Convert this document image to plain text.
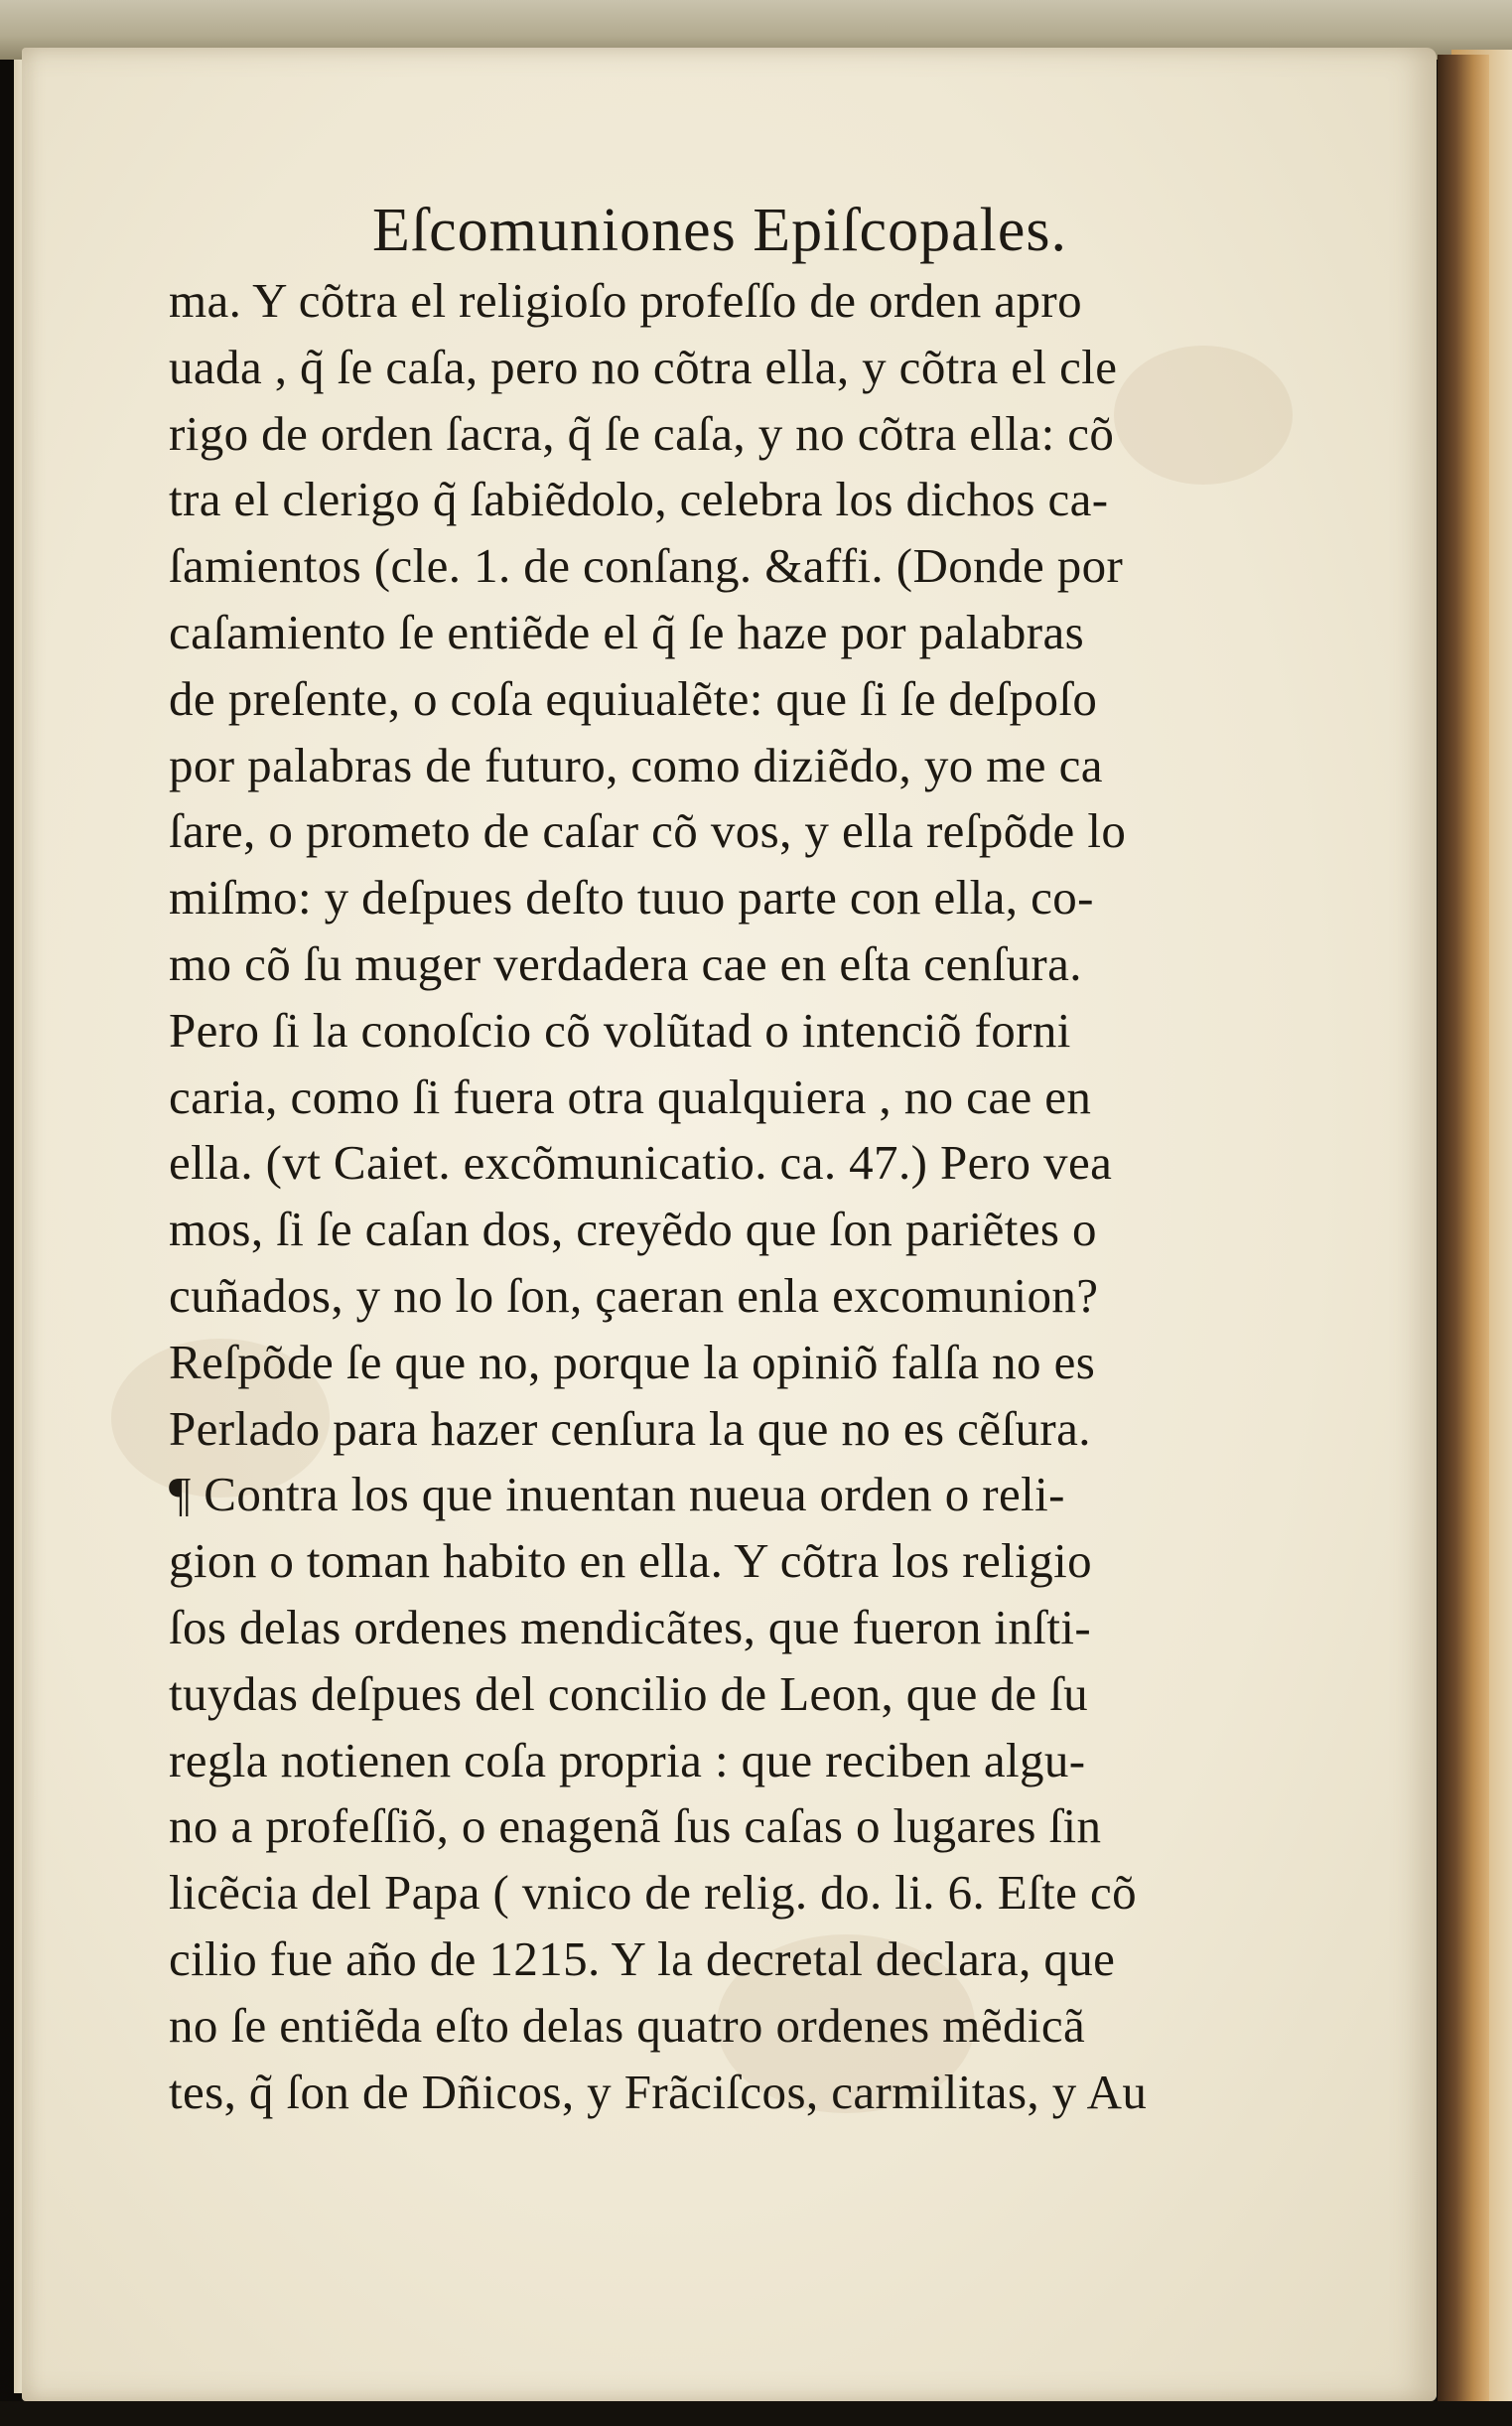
Eſcomuniones Epiſcopales.
ma. Y cõtra el religioſo profeſſo de orden apro
uada , q̃ ſe caſa, pero no cõtra ella, y cõtra el cle
rigo de orden ſacra, q̃ ſe caſa, y no cõtra ella: cõ
tra el clerigo q̃ ſabiẽdolo, celebra los dichos ca-
ſamientos (cle. 1. de conſang. &affi. (Donde por
caſamiento ſe entiẽde el q̃ ſe haze por palabras
de preſente, o coſa equiualẽte: que ſi ſe deſpoſo
por palabras de futuro, como diziẽdo, yo me ca
ſare, o prometo de caſar cõ vos, y ella reſpõde lo
miſmo: y deſpues deſto tuuo parte con ella, co-
mo cõ ſu muger verdadera cae en eſta cenſura.
Pero ſi la conoſcio cõ volũtad o intenciõ forni
caria, como ſi fuera otra qualquiera , no cae en
ella. (vt Caiet. excõmunicatio. ca. 47.) Pero vea
mos, ſi ſe caſan dos, creyẽdo que ſon pariẽtes o
cuñados, y no lo ſon, çaeran enla excomunion?
Reſpõde ſe que no, porque la opiniõ falſa no es
Perlado para hazer cenſura la que no es cẽſura.
¶ Contra los que inuentan nueua orden o reli-
gion o toman habito en ella. Y cõtra los religio
ſos delas ordenes mendicãtes, que fueron inſti-
tuydas deſpues del concilio de Leon, que de ſu
regla notienen coſa propria : que reciben algu-
no a profeſſiõ, o enagenã ſus caſas o lugares ſin
licẽcia del Papa ( vnico de relig. do. li. 6. Eſte cõ
cilio fue año de 1215. Y la decretal declara, que
no ſe entiẽda eſto delas quatro ordenes mẽdicã
tes, q̃ ſon de Dñicos, y Frãciſcos, carmilitas, y Au
